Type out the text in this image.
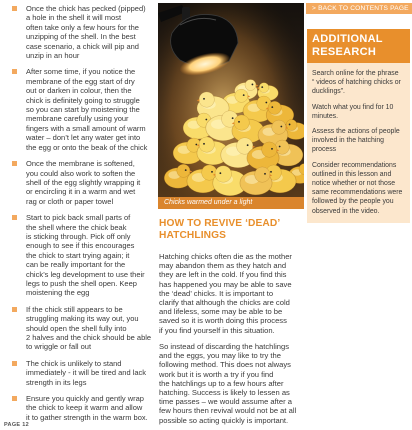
Once the chick has pecked (pipped)
a hole in the shell it will most
often take only a few hours for the
unzipping of the shell. In the best
case scenario, a chick will pip and
unzip in an hour
After some time, if you notice the
membrane of the egg start of dry
out or darken in colour, then the
chick is definitely going to struggle
so you can start by moistening the
membrane carefully using your
fingers with a small amount of warm
water – don’t let any water get into
the egg or onto the beak of the chick
Once the membrane is softened,
you could also work to soften the
shell of the egg slightly wrapping it
or encircling it in a warm and wet
rag or cloth or paper towel
Start to pick back small parts of
the shell where the chick beak
is sticking through. Pick off only
enough to see if this encourages
the chick to start trying again; it
can be really important for the
chick’s leg development to use their
legs to push the shell open. Keep
moistening the egg
If the chick still appears to be
struggling making its way out, you
should open the shell fully into
2 halves and the chick should be able
to wriggle or fall out
The chick is unlikely to stand
immediately - it will be tired and lack
strength in its legs
Ensure you quickly and gently wrap
the chick to keep it warm and allow
it to gather strength in the warm box.
Chicks warmed under a light
HOW TO REVIVE ‘DEAD’ HATCHLINGS

Hatching chicks often die as the mother
may abandon them as they hatch and
they are left in the cold. If you find this
has happened you may be able to save
the ‘dead’ chicks. It is important to
clarify that although the chicks are cold
and lifeless, some may be able to be
saved so it is worth doing this process
if you find yourself in this situation.

So instead of discarding the hatchlings
and the eggs, you may like to try the
following method. This does not always
work but it is worth a try if you find
the hatchlings up to a few hours after
hatching. Success is likely to lessen as
time passes – we would assume after a
few hours then revival would not be at all
possible so acting quickly is important.

> BACK TO CONTENTS PAGE
ADDITIONAL RESEARCH

Search online for the phrase
“ videos of hatching chicks or
ducklings”.

Watch what you find for 10
minutes.

Assess the actions of people
involved in the hatching
process

Consider recommendations
outlined in this lesson and
notice whether or not those
same recommendations were
followed by the people you
observed in the video.

PAGE 12
